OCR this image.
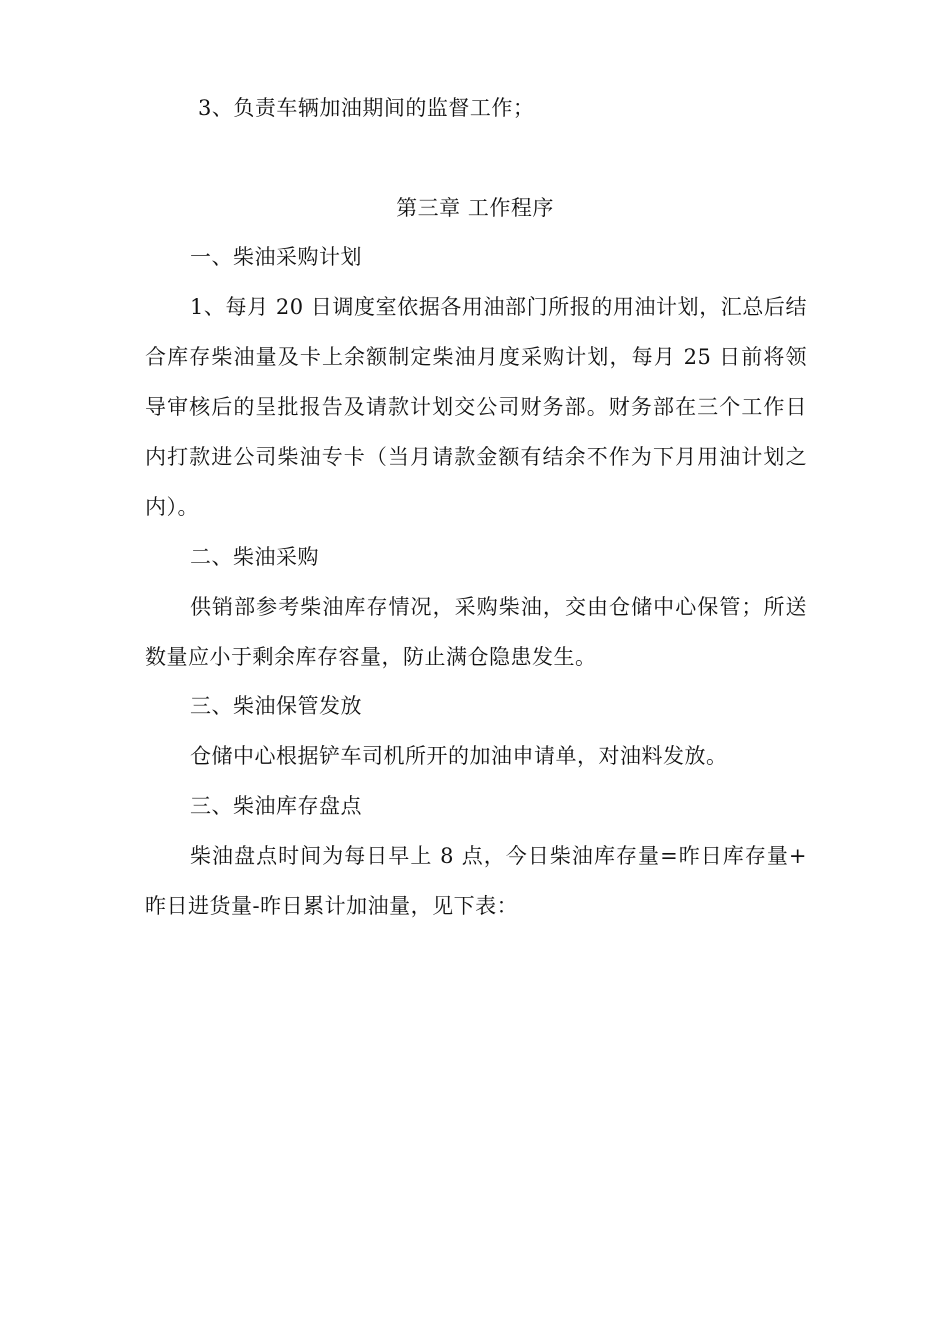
3、负责车辆加油期间的监督工作；
第三章 工作程序
一、柴油采购计划
1、每月 20 日调度室依据各用油部门所报的用油计划，汇总后结
合库存柴油量及卡上余额制定柴油月度采购计划，每月 25 日前将领
导审核后的呈批报告及请款计划交公司财务部。财务部在三个工作日
内打款进公司柴油专卡（当月请款金额有结余不作为下月用油计划之
内）。
二、柴油采购
供销部参考柴油库存情况，采购柴油，交由仓储中心保管；所送
数量应小于剩余库存容量，防止满仓隐患发生。
三、柴油保管发放
仓储中心根据铲车司机所开的加油申请单，对油料发放。
三、柴油库存盘点
柴油盘点时间为每日早上 8 点，今日柴油库存量=昨日库存量+
昨日进货量-昨日累计加油量，见下表：
